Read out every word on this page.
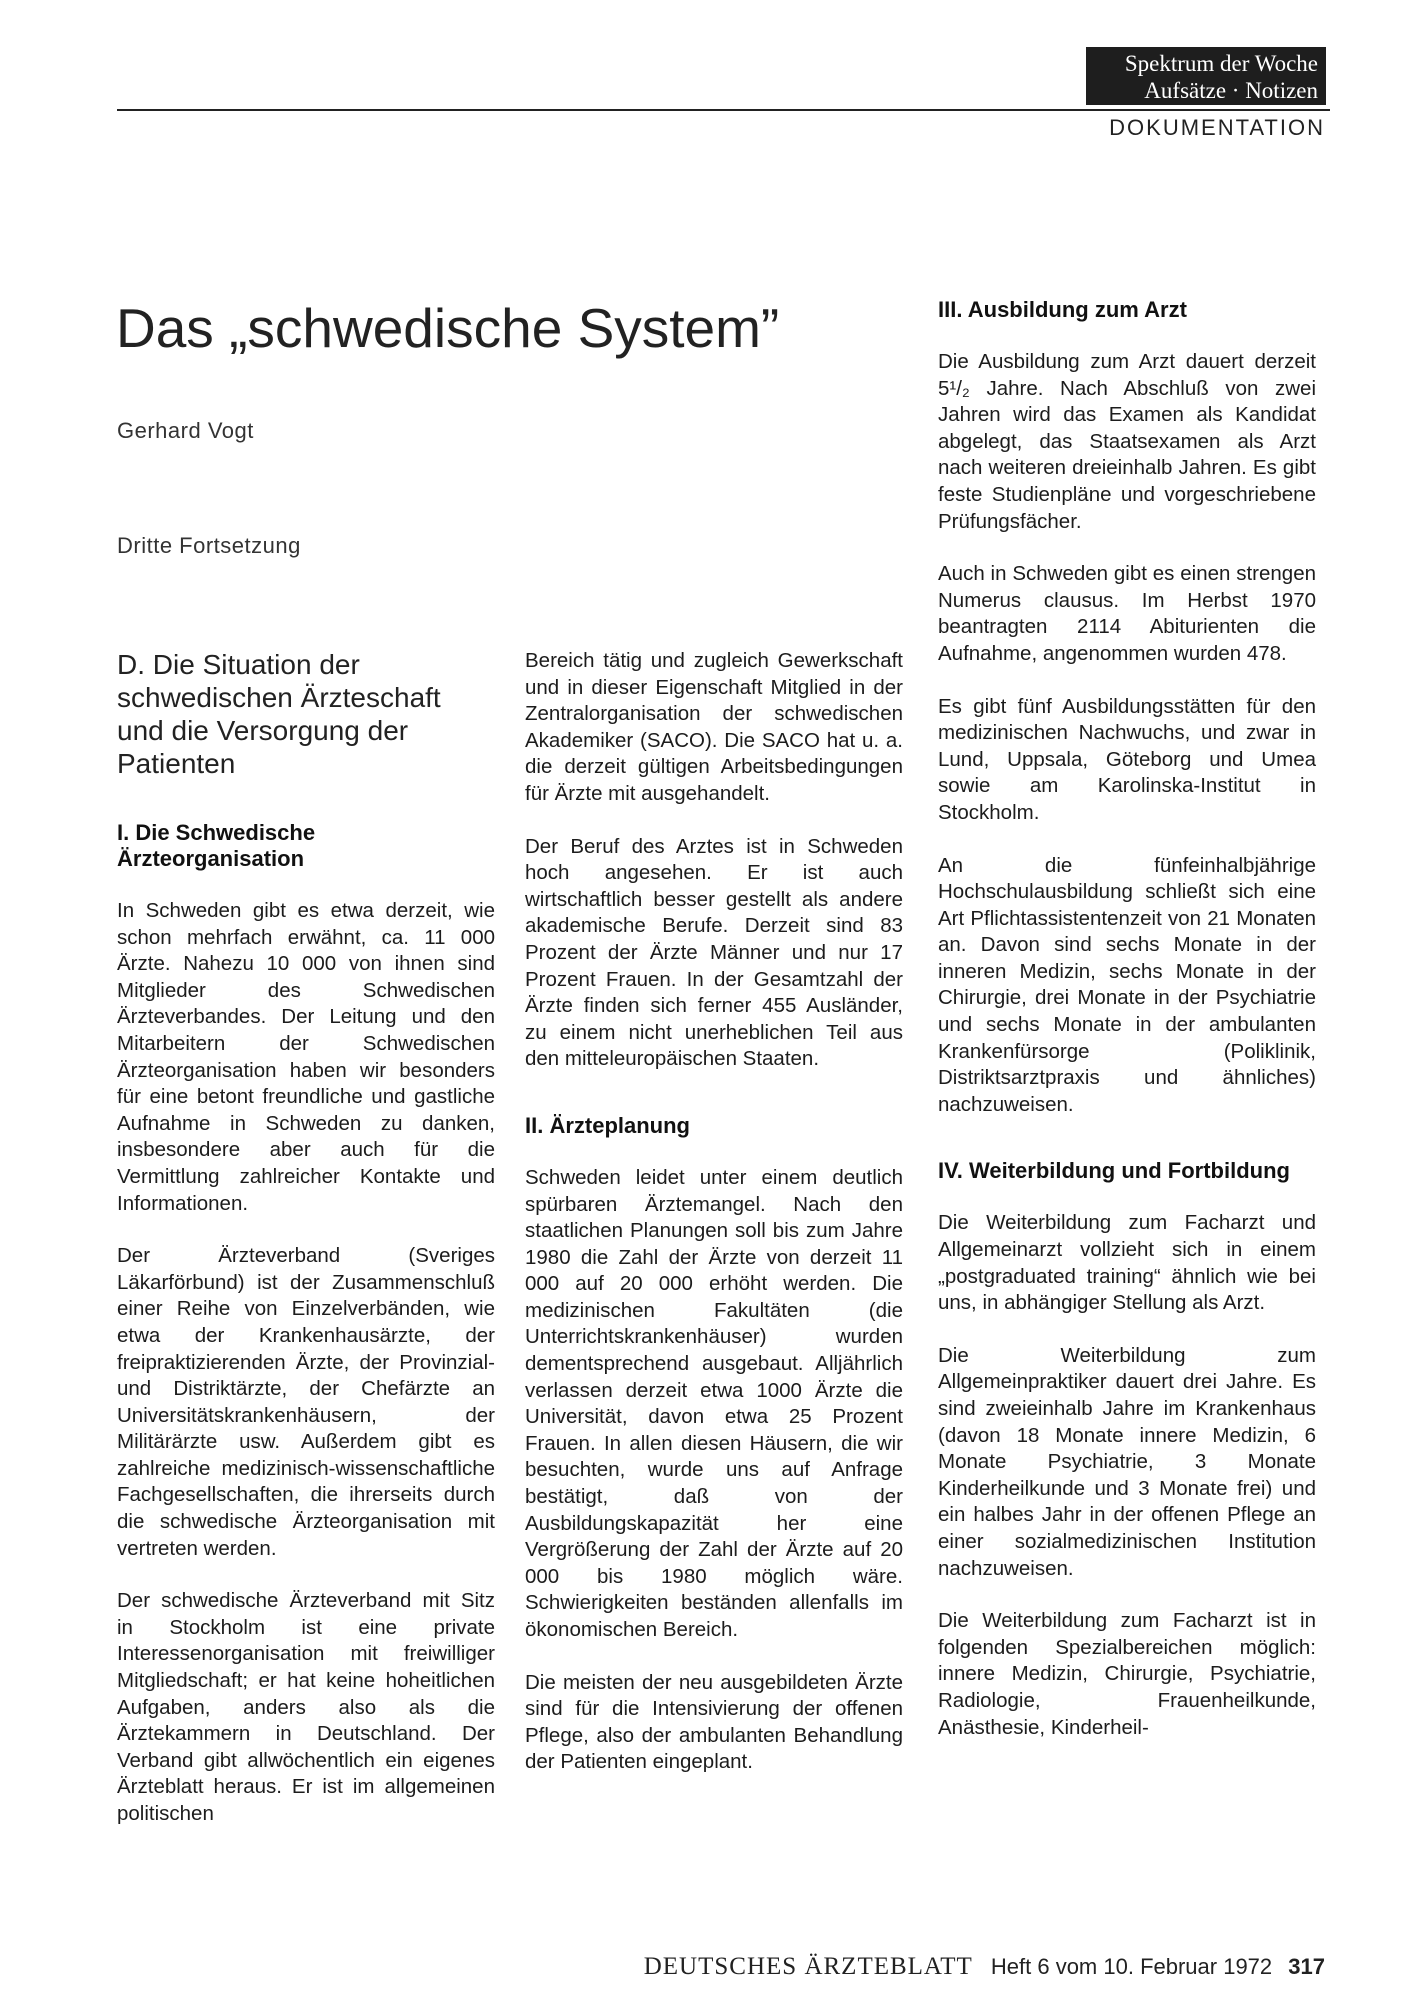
Spektrum der Woche
Aufsätze · Notizen
DOKUMENTATION
Das „schwedische System”
Gerhard Vogt
Dritte Fortsetzung
D. Die Situation der schwedischen Ärzteschaft und die Versorgung der Patienten
I. Die Schwedische Ärzteorganisation

In Schweden gibt es etwa derzeit, wie schon mehrfach erwähnt, ca. 11 000 Ärzte. Nahezu 10 000 von ihnen sind Mitglieder des Schwedischen Ärzteverbandes. Der Leitung und den Mitarbeitern der Schwedischen Ärzteorganisation haben wir besonders für eine betont freundliche und gastliche Aufnahme in Schweden zu danken, insbesondere aber auch für die Vermittlung zahlreicher Kontakte und Informationen.

Der Ärzteverband (Sveriges Läkarförbund) ist der Zusammenschluß einer Reihe von Einzelverbänden, wie etwa der Krankenhausärzte, der freipraktizierenden Ärzte, der Provinzial- und Distriktärzte, der Chefärzte an Universitätskrankenhäusern, der Militärärzte usw. Außerdem gibt es zahlreiche medizinisch-wissenschaftliche Fachgesellschaften, die ihrerseits durch die schwedische Ärzteorganisation mit vertreten werden.

Der schwedische Ärzteverband mit Sitz in Stockholm ist eine private Interessenorganisation mit freiwilliger Mitgliedschaft; er hat keine hoheitlichen Aufgaben, anders also als die Ärztekammern in Deutschland. Der Verband gibt allwöchentlich ein eigenes Ärzteblatt heraus. Er ist im allgemeinen politischen

Bereich tätig und zugleich Gewerkschaft und in dieser Eigenschaft Mitglied in der Zentralorganisation der schwedischen Akademiker (SACO). Die SACO hat u. a. die derzeit gültigen Arbeitsbedingungen für Ärzte mit ausgehandelt.

Der Beruf des Arztes ist in Schweden hoch angesehen. Er ist auch wirtschaftlich besser gestellt als andere akademische Berufe. Derzeit sind 83 Prozent der Ärzte Männer und nur 17 Prozent Frauen. In der Gesamtzahl der Ärzte finden sich ferner 455 Ausländer, zu einem nicht unerheblichen Teil aus den mitteleuropäischen Staaten.

II. Ärzteplanung

Schweden leidet unter einem deutlich spürbaren Ärztemangel. Nach den staatlichen Planungen soll bis zum Jahre 1980 die Zahl der Ärzte von derzeit 11 000 auf 20 000 erhöht werden. Die medizinischen Fakultäten (die Unterrichtskrankenhäuser) wurden dementsprechend ausgebaut. Alljährlich verlassen derzeit etwa 1000 Ärzte die Universität, davon etwa 25 Prozent Frauen. In allen diesen Häusern, die wir besuchten, wurde uns auf Anfrage bestätigt, daß von der Ausbildungskapazität her eine Vergrößerung der Zahl der Ärzte auf 20 000 bis 1980 möglich wäre. Schwierigkeiten beständen allenfalls im ökonomischen Bereich.

Die meisten der neu ausgebildeten Ärzte sind für die Intensivierung der offenen Pflege, also der ambulanten Behandlung der Patienten eingeplant.

III. Ausbildung zum Arzt

Die Ausbildung zum Arzt dauert derzeit 5¹/₂ Jahre. Nach Abschluß von zwei Jahren wird das Examen als Kandidat abgelegt, das Staatsexamen als Arzt nach weiteren dreieinhalb Jahren. Es gibt feste Studienpläne und vorgeschriebene Prüfungsfächer.

Auch in Schweden gibt es einen strengen Numerus clausus. Im Herbst 1970 beantragten 2114 Abiturienten die Aufnahme, angenommen wurden 478.

Es gibt fünf Ausbildungsstätten für den medizinischen Nachwuchs, und zwar in Lund, Uppsala, Göteborg und Umea sowie am Karolinska-Institut in Stockholm.

An die fünfeinhalbjährige Hochschulausbildung schließt sich eine Art Pflichtassistentenzeit von 21 Monaten an. Davon sind sechs Monate in der inneren Medizin, sechs Monate in der Chirurgie, drei Monate in der Psychiatrie und sechs Monate in der ambulanten Krankenfürsorge (Poliklinik, Distriktsarztpraxis und ähnliches) nachzuweisen.

IV. Weiterbildung und Fortbildung

Die Weiterbildung zum Facharzt und Allgemeinarzt vollzieht sich in einem „postgraduated training“ ähnlich wie bei uns, in abhängiger Stellung als Arzt.

Die Weiterbildung zum Allgemeinpraktiker dauert drei Jahre. Es sind zweieinhalb Jahre im Krankenhaus (davon 18 Monate innere Medizin, 6 Monate Psychiatrie, 3 Monate Kinderheilkunde und 3 Monate frei) und ein halbes Jahr in der offenen Pflege an einer sozialmedizinischen Institution nachzuweisen.

Die Weiterbildung zum Facharzt ist in folgenden Spezialbereichen möglich: innere Medizin, Chirurgie, Psychiatrie, Radiologie, Frauenheilkunde, Anästhesie, Kinderheil-

DEUTSCHES ÄRZTEBLATT Heft 6 vom 10. Februar 1972 317
